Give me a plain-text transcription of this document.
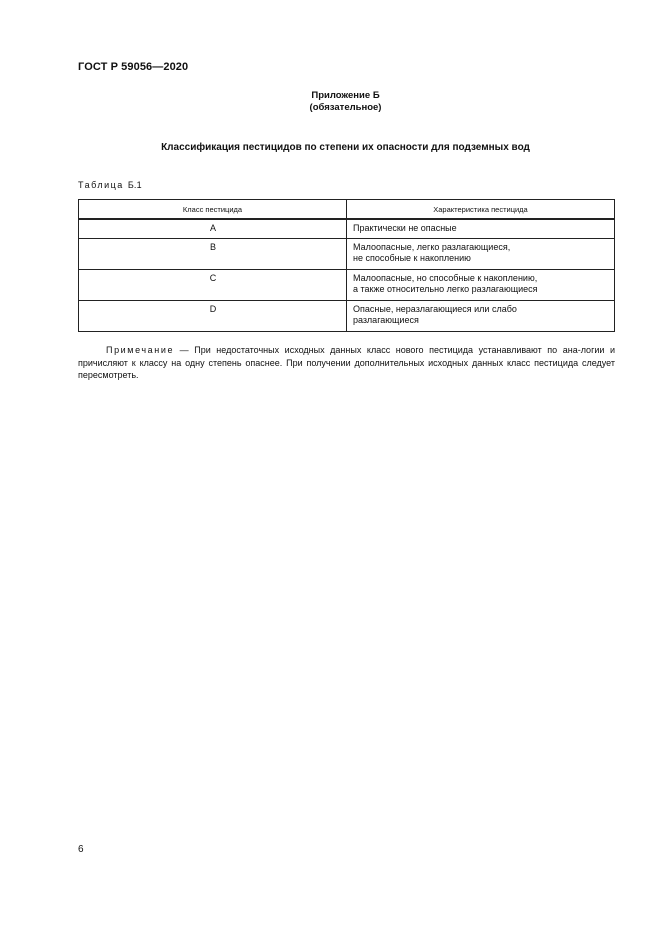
ГОСТ Р 59056—2020
Приложение Б
(обязательное)
Классификация пестицидов по степени их опасности для подземных вод
Таблица Б.1
Класс пестицида	Характеристика пестицида
A	Практически не опасные

B	Малоопасные, легко разлагающиеся,
не способные к накоплению

C	Малоопасные, но способные к накоплению,
а также относительно легко разлагающиеся

D	Опасные, неразлагающиеся или слабо
разлагающиеся
Примечание — При недостаточных исходных данных класс нового пестицида устанавливают по ана-логии и причисляют к классу на одну степень опаснее. При получении дополнительных исходных данных класс пестицида следует пересмотреть.
6
